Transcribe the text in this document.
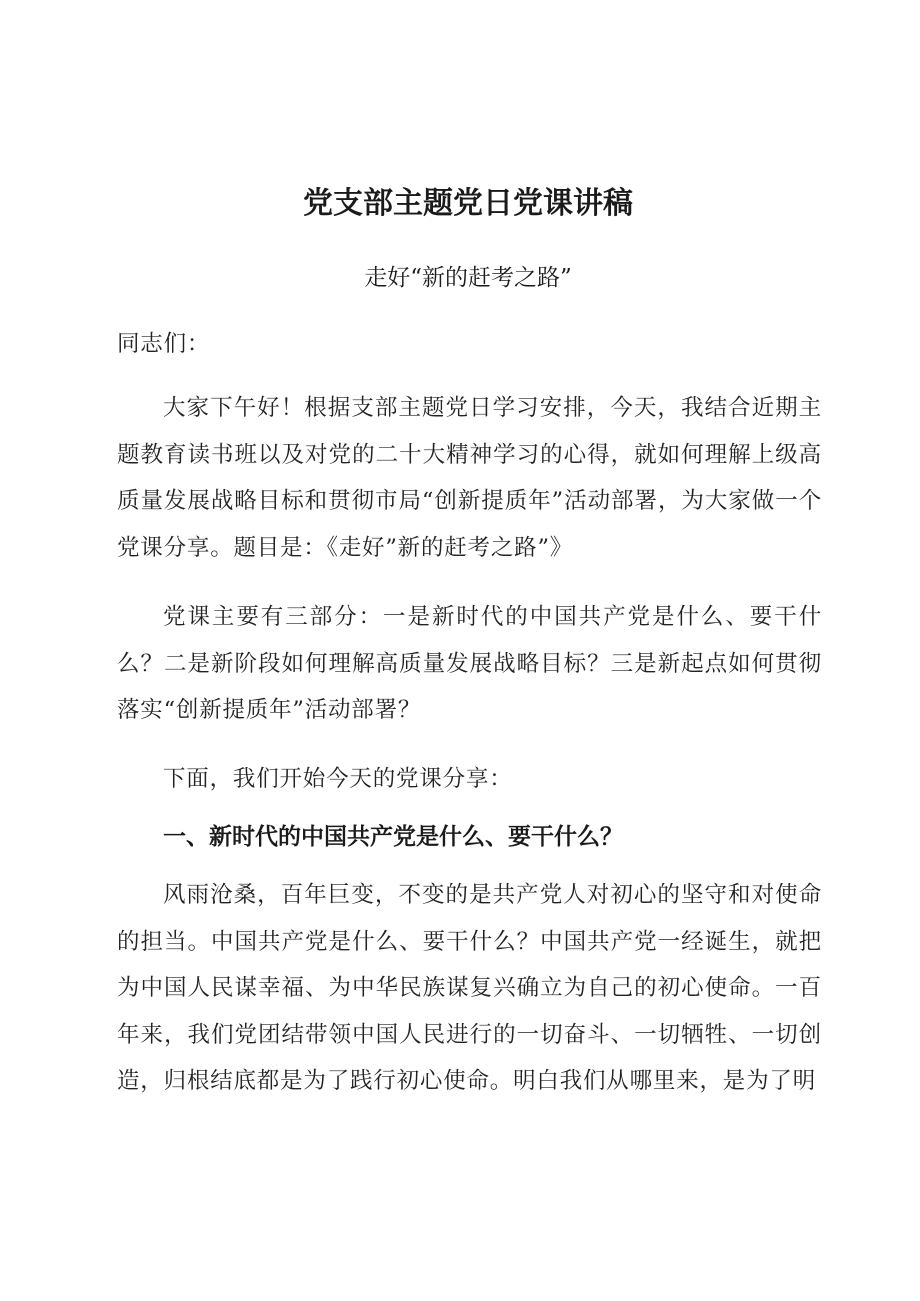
党支部主题党日党课讲稿
走好“新的赶考之路”
同志们：
大家下午好！根据支部主题党日学习安排，今天，我结合近期主题教育读书班以及对党的二十大精神学习的心得，就如何理解上级高质量发展战略目标和贯彻市局“创新提质年”活动部署，为大家做一个党课分享。题目是：《走好”新的赶考之路”》
党课主要有三部分：一是新时代的中国共产党是什么、要干什么？二是新阶段如何理解高质量发展战略目标？三是新起点如何贯彻落实“创新提质年”活动部署？
下面，我们开始今天的党课分享：
一、新时代的中国共产党是什么、要干什么？
风雨沧桑，百年巨变，不变的是共产党人对初心的坚守和对使命的担当。中国共产党是什么、要干什么？中国共产党一经诞生，就把为中国人民谋幸福、为中华民族谋复兴确立为自己的初心使命。一百年来，我们党团结带领中国人民进行的一切奋斗、一切牺牲、一切创造，归根结底都是为了践行初心使命。明白我们从哪里来，是为了明
